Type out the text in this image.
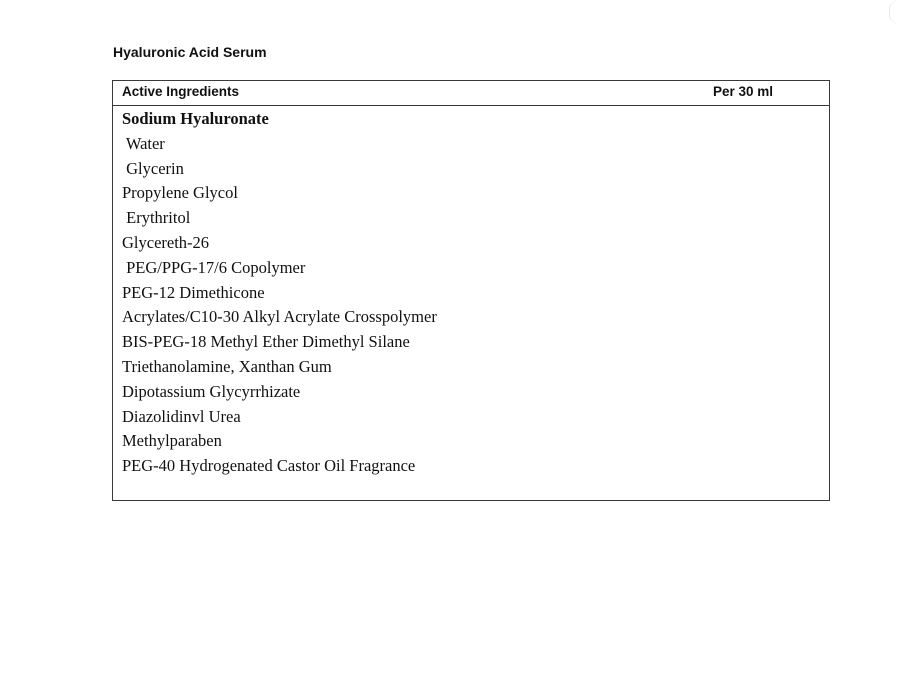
Hyaluronic Acid Serum
Active Ingredients	Per 30 ml
Sodium Hyaluronate
Water
Glycerin
Propylene Glycol
Erythritol
Glycereth-26
PEG/PPG-17/6 Copolymer
PEG-12 Dimethicone
Acrylates/C10-30 Alkyl Acrylate Crosspolymer
BIS-PEG-18 Methyl Ether Dimethyl Silane
Triethanolamine, Xanthan Gum
Dipotassium Glycyrrhizate
Diazolidinvl Urea
Methylparaben
PEG-40 Hydrogenated Castor Oil Fragrance
